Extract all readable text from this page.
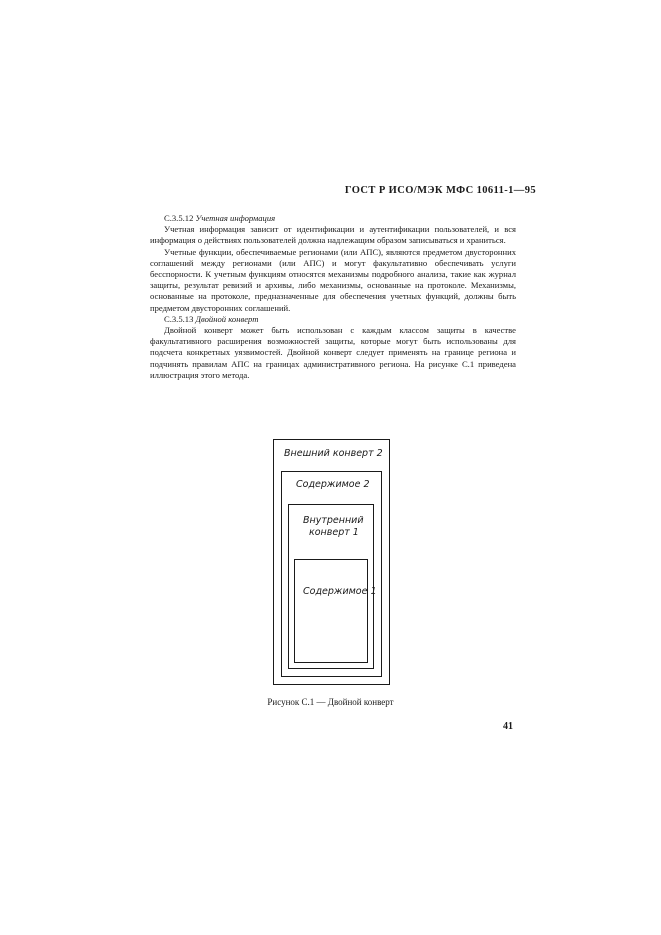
ГОСТ Р ИСО/МЭК МФС 10611-1—95

С.3.5.12 Учетная информация

Учетная информация зависит от идентификации и аутентификации пользователей, и вся информация о действиях пользователей должна надлежащим образом записываться и храниться.

Учетные функции, обеспечиваемые регионами (или АПС), являются предметом двусторонних соглашений между регионами (или АПС) и могут факультативно обеспечивать услуги бесспорности. К учетным функциям относятся механизмы подробного анализа, такие как журнал защиты, результат ревизий и архивы, либо механизмы, основанные на протоколе. Механизмы, основанные на протоколе, предназначенные для обеспечения учетных функций, должны быть предметом двусторонних соглашений.

С.3.5.13 Двойной конверт

Двойной конверт может быть использован с каждым классом защиты в качестве факультативного расширения возможностей защиты, которые могут быть использованы для подсчета конкретных уязвимостей. Двойной конверт следует применять на границе региона и подчинять правилам АПС на границах административного региона. На рисунке С.1 приведена иллюстрация этого метода.

Внешний конверт 2
Содержимое 2
Внутренний
конверт 1
Содержимое 1
Рисунок С.1 — Двойной конверт
41
